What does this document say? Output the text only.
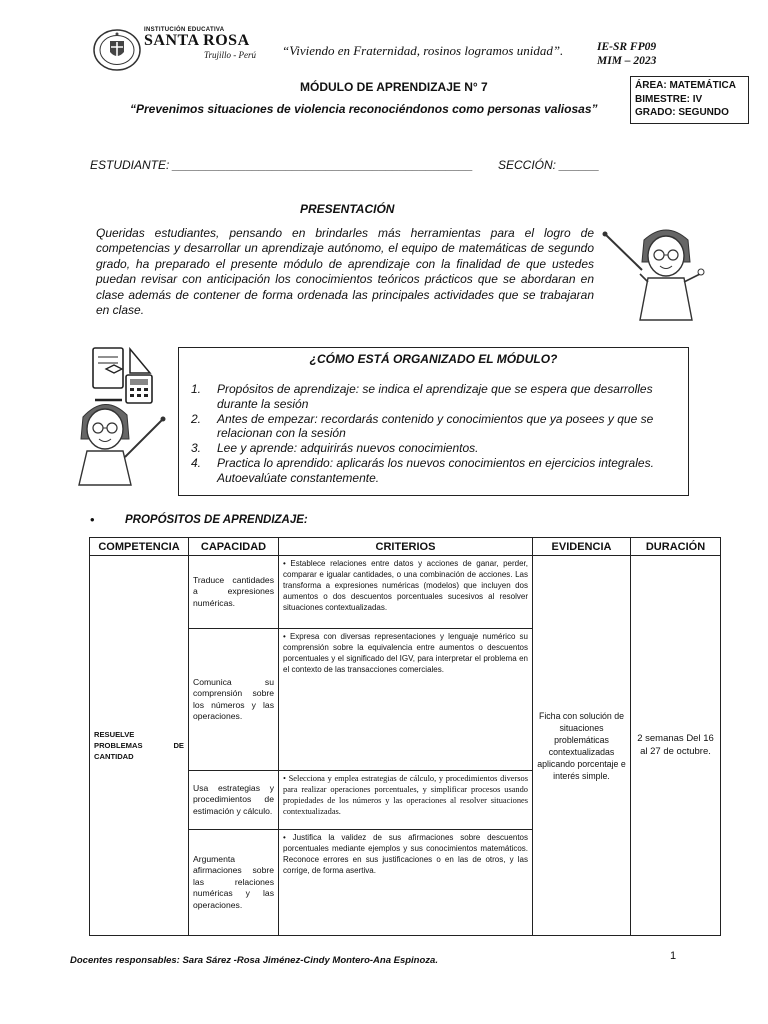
INSTITUCIÓN EDUCATIVA
SANTA ROSA
Trujillo - Perú “Viviendo en Fraternidad, rosinos logramos unidad”.	IE-SR FP09
MIM – 2023
MÓDULO DE APRENDIZAJE N° 7
“Prevenimos situaciones de violencia reconociéndonos como personas valiosas”
ÁREA: MATEMÁTICA
BIMESTRE: IV
GRADO: SEGUNDO
ESTUDIANTE: _____________________________________________ SECCIÓN: ______
PRESENTACIÓN
Queridas estudiantes, pensando en brindarles más herramientas para el logro de competencias y desarrollar un aprendizaje autónomo, el equipo de matemáticas de segundo grado, ha preparado el presente módulo de aprendizaje con la finalidad de que ustedes puedan revisar con anticipación los conocimientos teóricos prácticos que se abordaran en clase además de contener de forma ordenada las principales actividades que se trabajaran en clase.
¿CÓMO ESTÁ ORGANIZADO EL MÓDULO?
1.	Propósitos de aprendizaje: se indica el aprendizaje que se espera que desarrolles durante la sesión
2.	Antes de empezar: recordarás contenido y conocimientos que ya posees y que se relacionan con la sesión
3.	Lee y aprende: adquirirás nuevos conocimientos.
4.	Practica lo aprendido: aplicarás los nuevos conocimientos en ejercicios integrales. Autoevalúate constantemente.
•	PROPÓSITOS DE APRENDIZAJE:
COMPETENCIA	CAPACIDAD	CRITERIOS	EVIDENCIA	DURACIÓN
RESUELVE PROBLEMAS DE CANTIDAD	Traduce cantidades a expresiones numéricas.	• Establece relaciones entre datos y acciones de ganar, perder, comparar e igualar cantidades, o una combinación de acciones. Las transforma a expresiones numéricas (modelos) que incluyen dos aumentos o dos descuentos porcentuales sucesivos al resolver situaciones contextualizadas.	Ficha con solución de situaciones problemáticas contextualizadas aplicando porcentaje e interés simple.	2 semanas Del 16 al 27 de octubre.
	Comunica su comprensión sobre los números y las operaciones.	• Expresa con diversas representaciones y lenguaje numérico su comprensión sobre la equivalencia entre aumentos o descuentos porcentuales y el significado del IGV, para interpretar el problema en el contexto de las transacciones comerciales.		
	Usa estrategias y procedimientos de estimación y cálculo.	• Selecciona y emplea estrategias de cálculo, y procedimientos diversos para realizar operaciones porcentuales, y simplificar procesos usando propiedades de los números y las operaciones al resolver situaciones contextualizadas.		
	Argumenta afirmaciones sobre las relaciones numéricas y las operaciones.	• Justifica la validez de sus afirmaciones sobre descuentos porcentuales mediante ejemplos y sus conocimientos matemáticos. Reconoce errores en sus justificaciones o en las de otros, y las corrige, de forma asertiva.		
Docentes responsables: Sara Sárez -Rosa Jiménez-Cindy Montero-Ana Espinoza.	1
